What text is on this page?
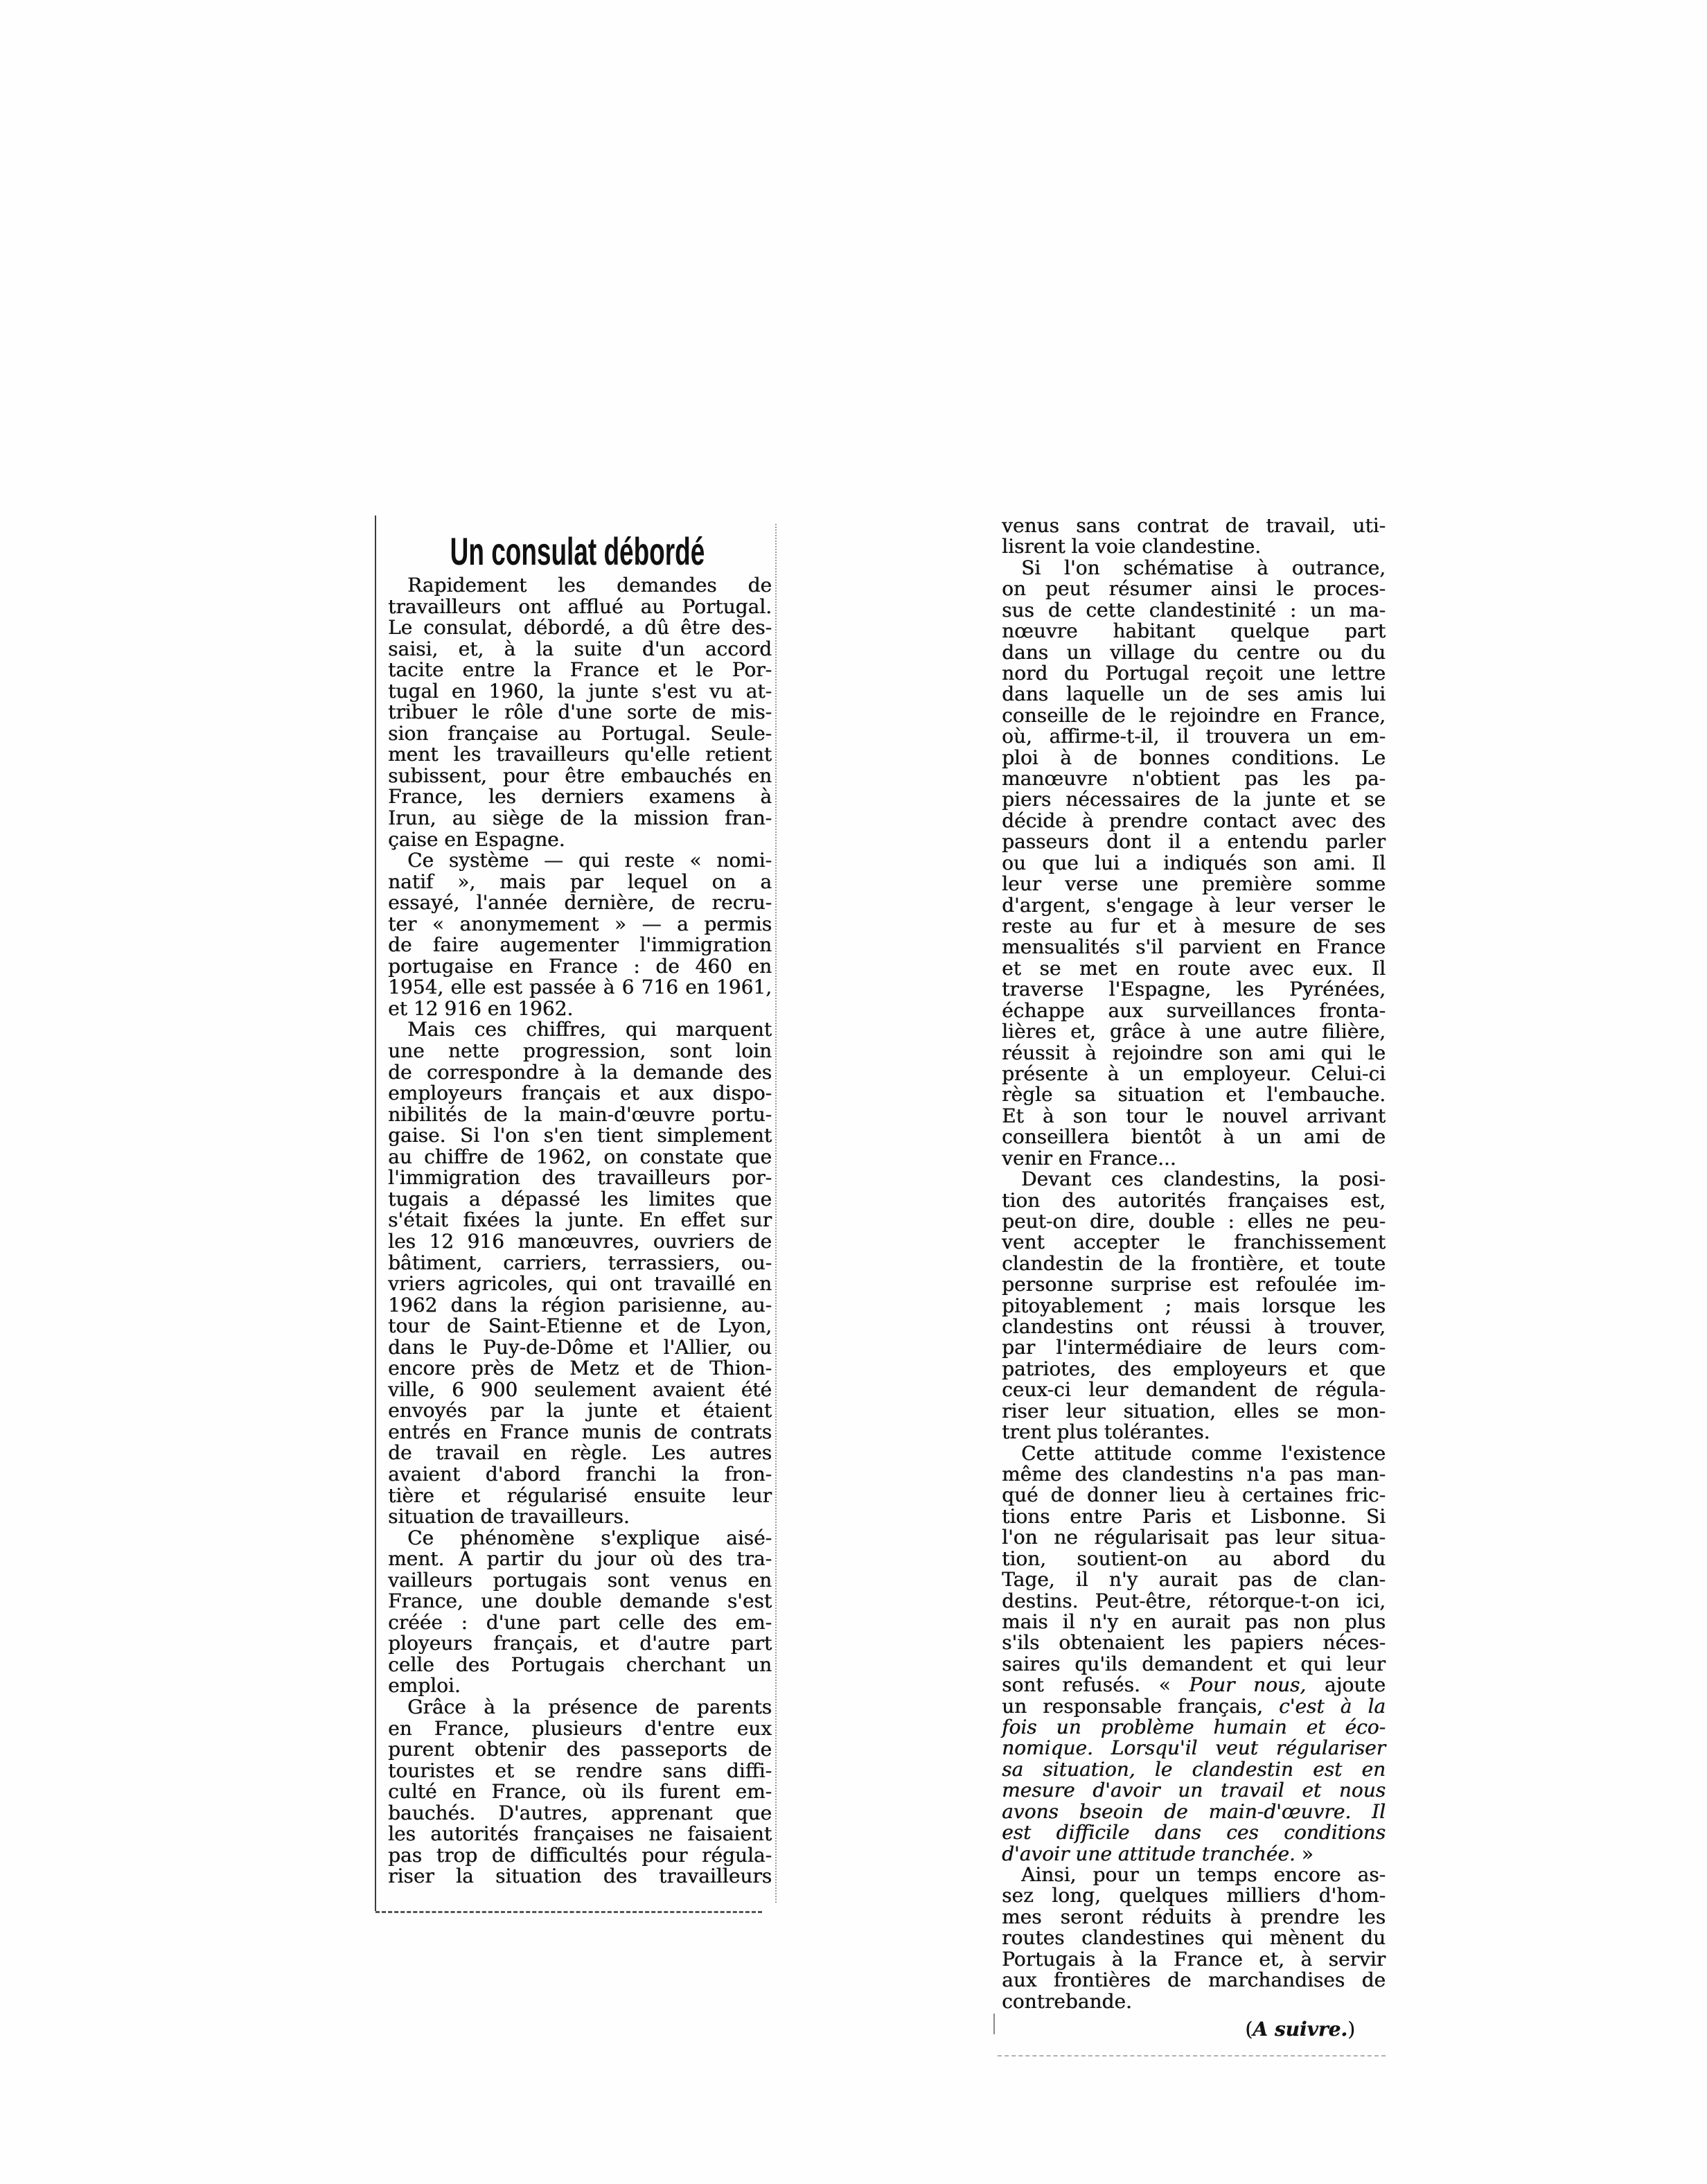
Un consulat débordé
Rapidement les demandes de
travailleurs ont afflué au Portugal.
Le consulat, débordé, a dû être des-
saisi, et, à la suite d'un accord
tacite entre la France et le Por-
tugal en 1960, la junte s'est vu at-
tribuer le rôle d'une sorte de mis-
sion française au Portugal. Seule-
ment les travailleurs qu'elle retient
subissent, pour être embauchés en
France, les derniers examens à
Irun, au siège de la mission fran-
çaise en Espagne.
Ce système — qui reste « nomi-
natif », mais par lequel on a
essayé, l'année dernière, de recru-
ter « anonymement » — a permis
de faire augementer l'immigration
portugaise en France : de 460 en
1954, elle est passée à 6 716 en 1961,
et 12 916 en 1962.
Mais ces chiffres, qui marquent
une nette progression, sont loin
de correspondre à la demande des
employeurs français et aux dispo-
nibilités de la main-d'œuvre portu-
gaise. Si l'on s'en tient simplement
au chiffre de 1962, on constate que
l'immigration des travailleurs por-
tugais a dépassé les limites que
s'était fixées la junte. En effet sur
les 12 916 manœuvres, ouvriers de
bâtiment, carriers, terrassiers, ou-
vriers agricoles, qui ont travaillé en
1962 dans la région parisienne, au-
tour de Saint-Etienne et de Lyon,
dans le Puy-de-Dôme et l'Allier, ou
encore près de Metz et de Thion-
ville, 6 900 seulement avaient été
envoyés par la junte et étaient
entrés en France munis de contrats
de travail en règle. Les autres
avaient d'abord franchi la fron-
tière et régularisé ensuite leur
situation de travailleurs.
Ce phénomène s'explique aisé-
ment. A partir du jour où des tra-
vailleurs portugais sont venus en
France, une double demande s'est
créée : d'une part celle des em-
ployeurs français, et d'autre part
celle des Portugais cherchant un
emploi.
Grâce à la présence de parents
en France, plusieurs d'entre eux
purent obtenir des passeports de
touristes et se rendre sans diffi-
culté en France, où ils furent em-
bauchés. D'autres, apprenant que
les autorités françaises ne faisaient
pas trop de difficultés pour régula-
riser la situation des travailleurs
venus sans contrat de travail, uti-
lisrent la voie clandestine.
Si l'on schématise à outrance,
on peut résumer ainsi le proces-
sus de cette clandestinité : un ma-
nœuvre habitant quelque part
dans un village du centre ou du
nord du Portugal reçoit une lettre
dans laquelle un de ses amis lui
conseille de le rejoindre en France,
où, affirme-t-il, il trouvera un em-
ploi à de bonnes conditions. Le
manœuvre n'obtient pas les pa-
piers nécessaires de la junte et se
décide à prendre contact avec des
passeurs dont il a entendu parler
ou que lui a indiqués son ami. Il
leur verse une première somme
d'argent, s'engage à leur verser le
reste au fur et à mesure de ses
mensualités s'il parvient en France
et se met en route avec eux. Il
traverse l'Espagne, les Pyrénées,
échappe aux surveillances fronta-
lières et, grâce à une autre filière,
réussit à rejoindre son ami qui le
présente à un employeur. Celui-ci
règle sa situation et l'embauche.
Et à son tour le nouvel arrivant
conseillera bientôt à un ami de
venir en France...
Devant ces clandestins, la posi-
tion des autorités françaises est,
peut-on dire, double : elles ne peu-
vent accepter le franchissement
clandestin de la frontière, et toute
personne surprise est refoulée im-
pitoyablement ; mais lorsque les
clandestins ont réussi à trouver,
par l'intermédiaire de leurs com-
patriotes, des employeurs et que
ceux-ci leur demandent de régula-
riser leur situation, elles se mon-
trent plus tolérantes.
Cette attitude comme l'existence
même des clandestins n'a pas man-
qué de donner lieu à certaines fric-
tions entre Paris et Lisbonne. Si
l'on ne régularisait pas leur situa-
tion, soutient-on au abord du
Tage, il n'y aurait pas de clan-
destins. Peut-être, rétorque-t-on ici,
mais il n'y en aurait pas non plus
s'ils obtenaient les papiers néces-
saires qu'ils demandent et qui leur
sont refusés. « Pour nous, ajoute
un responsable français, c'est à la
fois un problème humain et éco-
nomique. Lorsqu'il veut régulariser
sa situation, le clandestin est en
mesure d'avoir un travail et nous
avons bseoin de main-d'œuvre. Il
est difficile dans ces conditions
d'avoir une attitude tranchée. »
Ainsi, pour un temps encore as-
sez long, quelques milliers d'hom-
mes seront réduits à prendre les
routes clandestines qui mènent du
Portugais à la France et, à servir
aux frontières de marchandises de
contrebande.
(A suivre.)
